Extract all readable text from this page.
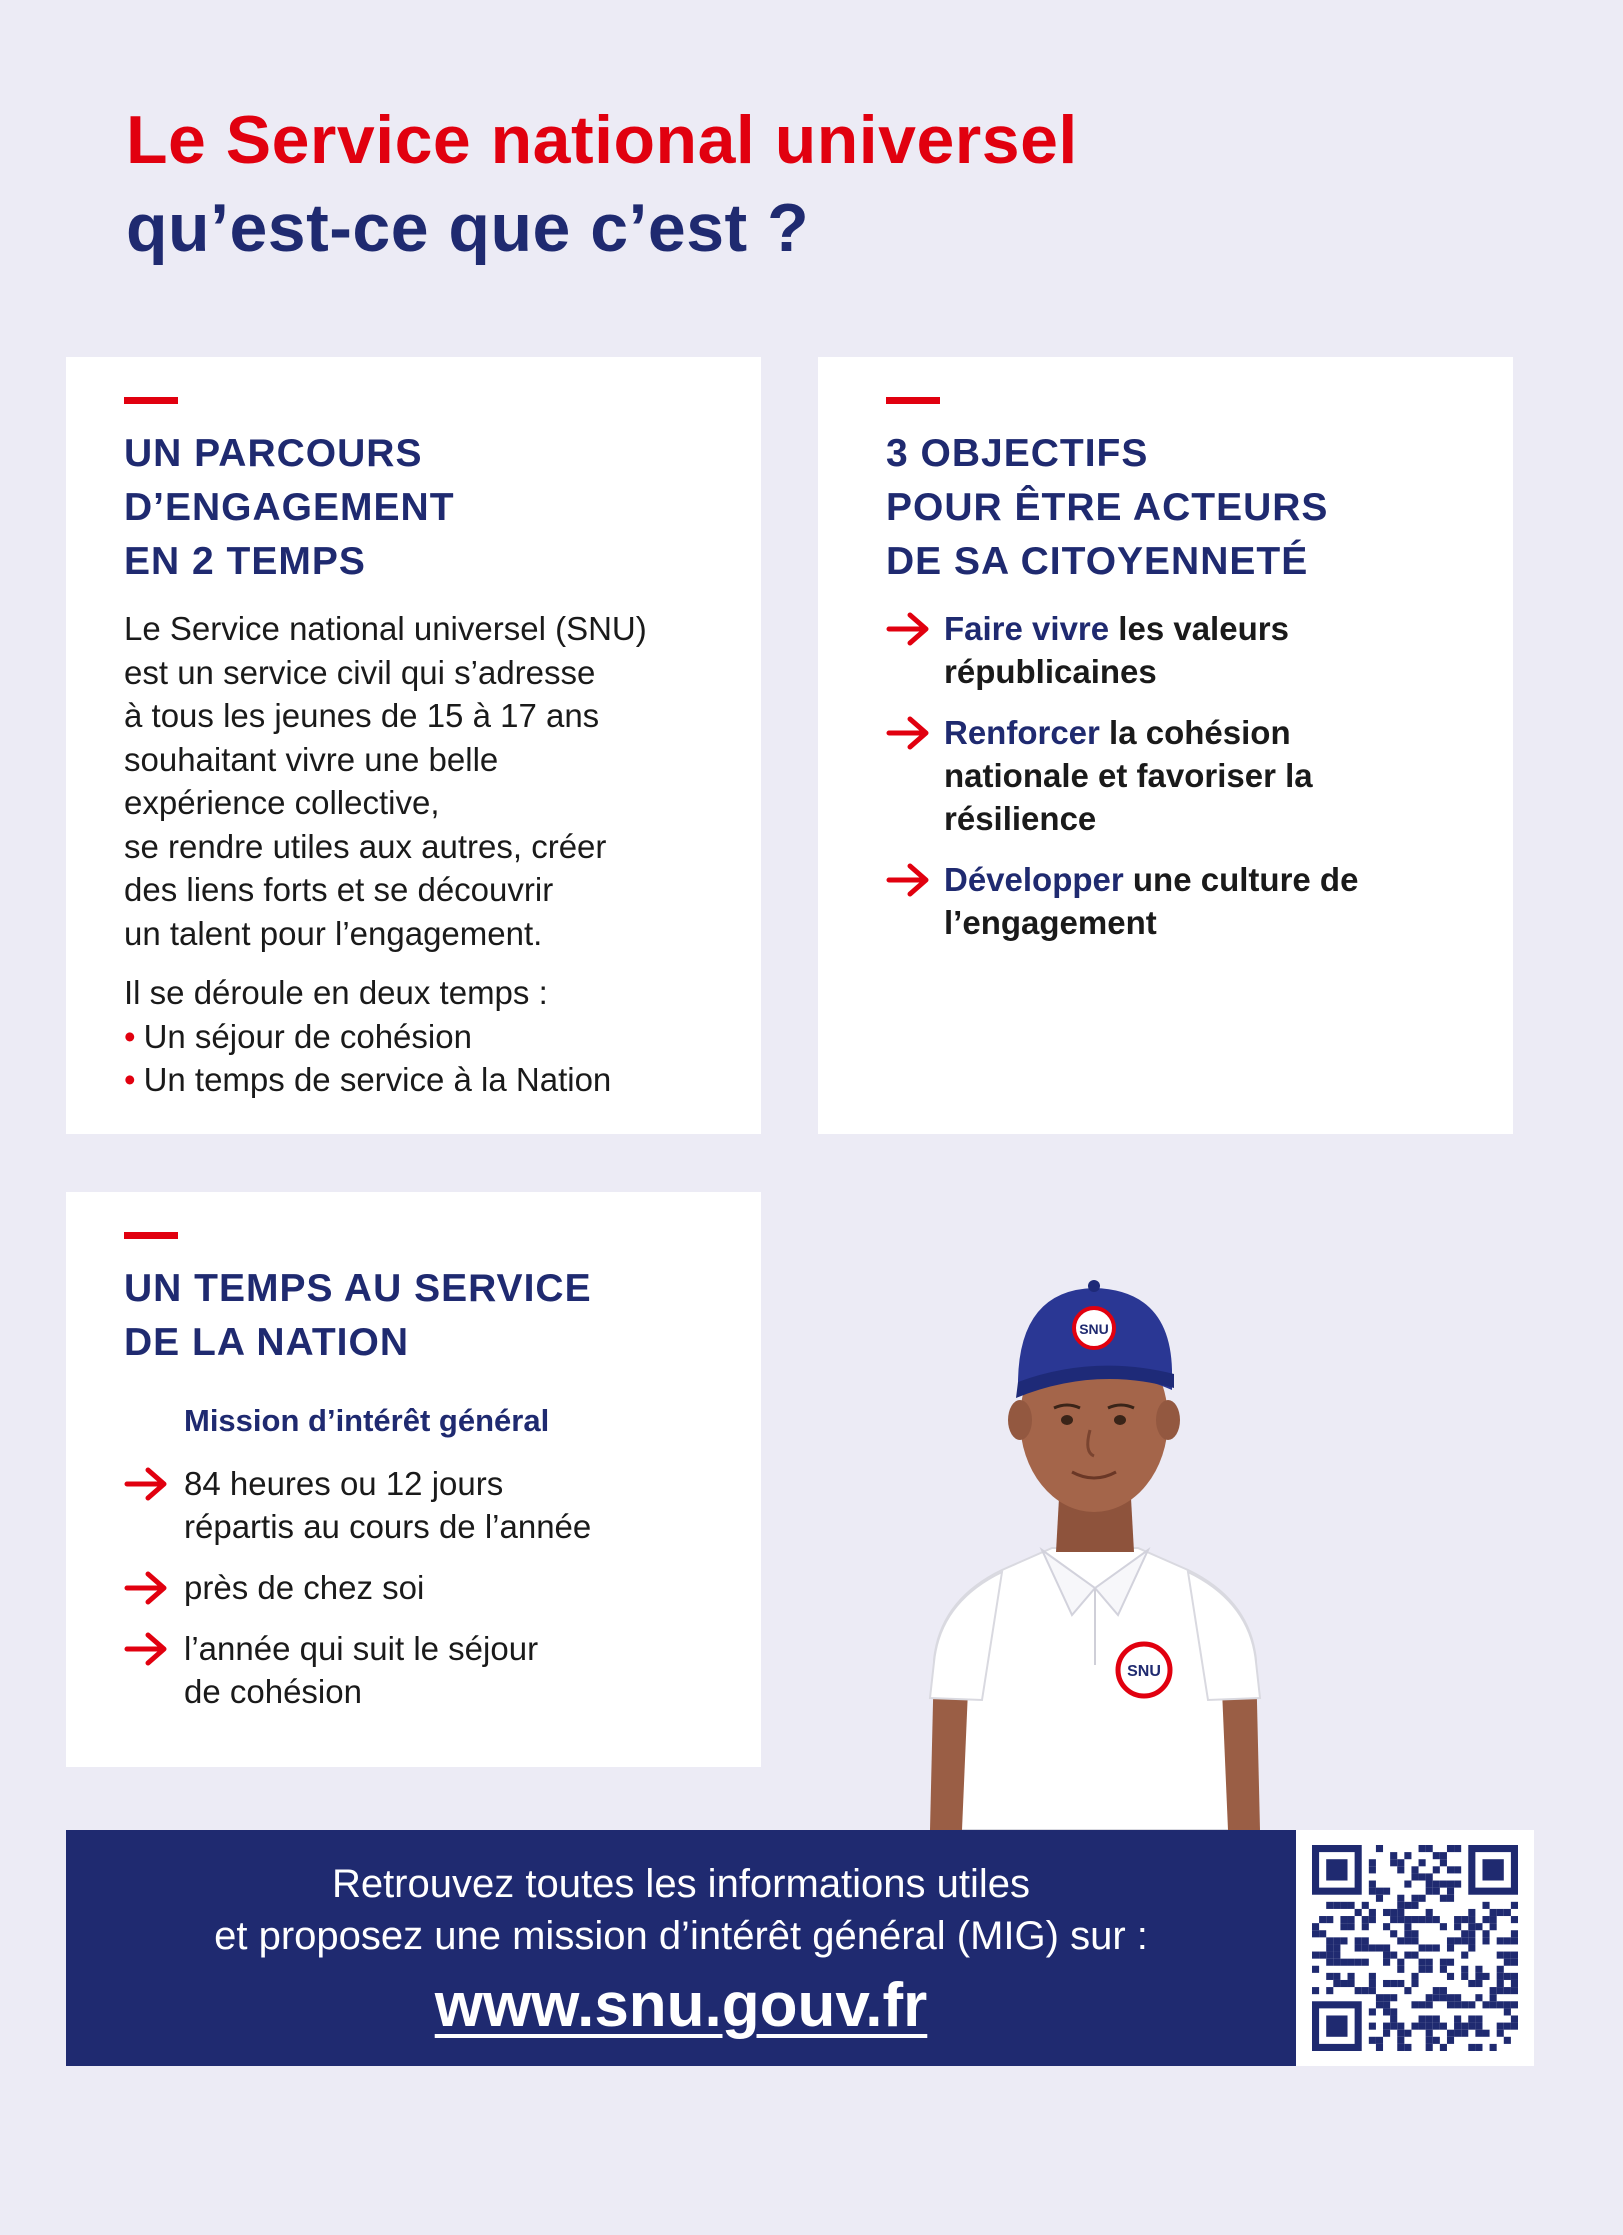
Le Service national universel
qu’est-ce que c’est ?
UN PARCOURS
D’ENGAGEMENT
EN 2 TEMPS

Le Service national universel (SNU)

est un service civil qui s’adresse

à tous les jeunes de 15 à 17 ans

souhaitant vivre une belle

expérience collective,

se rendre utiles aux autres, créer

des liens forts et se découvrir

un talent pour l’engagement.

Il se déroule en deux temps :

• Un séjour de cohésion
• Un temps de service à la Nation
3 OBJECTIFS
POUR ÊTRE ACTEURS
DE SA CITOYENNETÉ
Faire vivre les valeurs républicaines
Renforcer la cohésion nationale et favoriser la résilience
Développer une culture de l’engagement
UN TEMPS AU SERVICE
DE LA NATION
Mission d’intérêt général
84 heures ou 12 jours
répartis au cours de l’année
près de chez soi
l’année qui suit le séjour
de cohésion
SNU
SNU
Retrouvez toutes les informations utiles
et proposez une mission d’intérêt général (MIG) sur :
www.snu.gouv.fr
